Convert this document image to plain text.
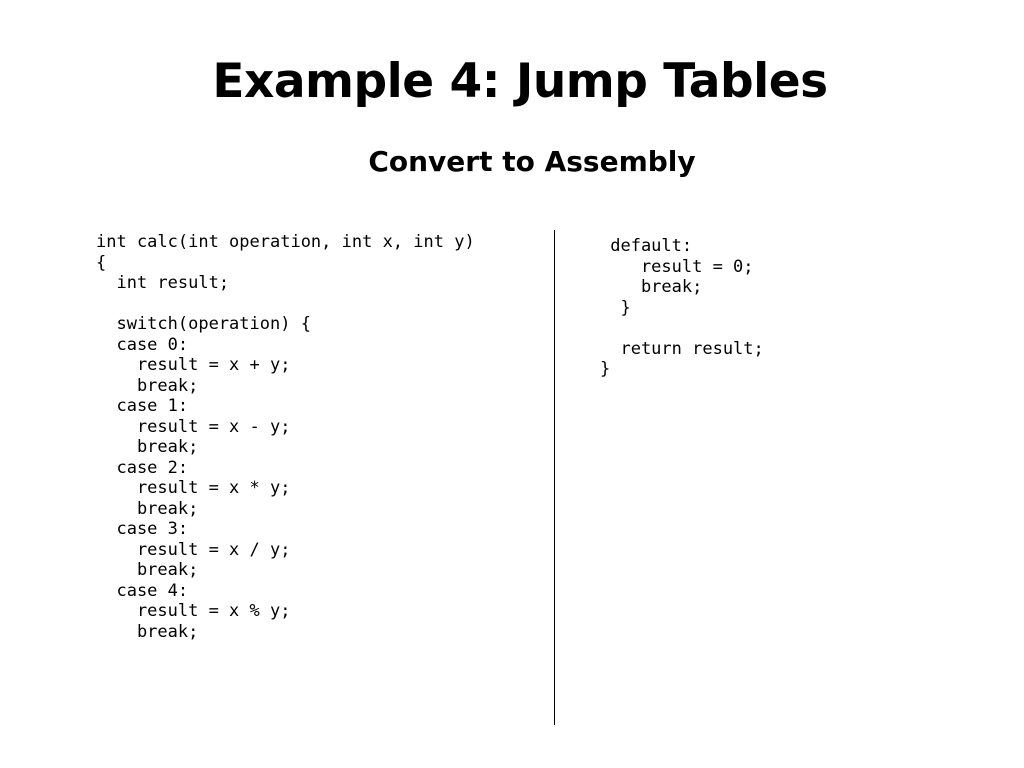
Example 4: Jump Tables
Convert to Assembly
int calc(int operation, int x, int y)
{
int result;
switch(operation) {
case 0:
result = x + y;
break;
case 1:
result = x - y;
break;
case 2:
result = x * y;
break;
case 3:
result = x / y;
break;
case 4:
result = x % y;
break;
default:
result = 0;
break;
}
return result;
}
